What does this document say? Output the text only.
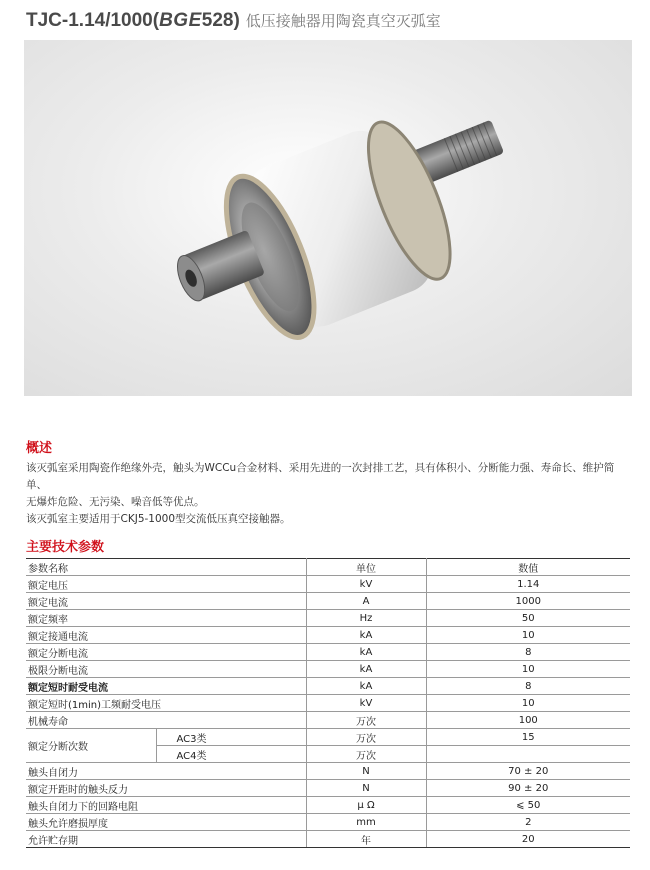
TJC-1.14/1000( BGE 528) 低压接触器用陶瓷真空灭弧室
概述
该灭弧室采用陶瓷作绝缘外壳，触头为WCCu合金材料、采用先进的一次封排工艺，具有体积小、分断能力强、寿命长、维护简单、
无爆炸危险、无污染、噪音低等优点。
该灭弧室主要适用于CKJ5-1000型交流低压真空接触器。
主要技术参数
参数名称		单位	数值
额定电压		kV	1.14
额定电流		A	1000
额定频率		Hz	50
额定接通电流		kA	10
额定分断电流		kA	8
极限分断电流		kA	10
额定短时耐受电流		kA	8
额定短时(1min)工频耐受电压		kV	10
机械寿命		万次	100
额定分断次数	AC3类	万次	15
	AC4类	万次	
触头自闭力		N	70 ± 20
额定开距时的触头反力		N	90 ± 20
触头自闭力下的回路电阻		μ Ω	⩽ 50
触头允许磨损厚度		mm	2
允许贮存期		年	20
